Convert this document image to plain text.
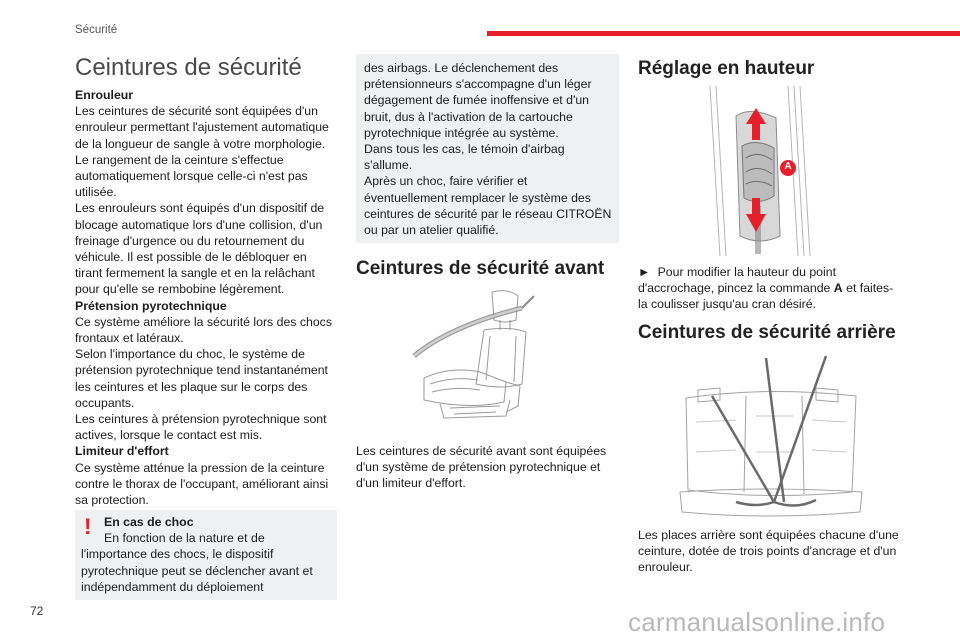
Sécurité
Ceintures de sécurité
Enrouleur
Les ceintures de sécurité sont équipées d'un enrouleur permettant l'ajustement automatique de la longueur de sangle à votre morphologie.
Le rangement de la ceinture s'effectue automatiquement lorsque celle-ci n'est pas utilisée.
Les enrouleurs sont équipés d'un dispositif de blocage automatique lors d'une collision, d'un freinage d'urgence ou du retournement du véhicule. Il est possible de le débloquer en tirant fermement la sangle et en la relâchant pour qu'elle se rembobine légèrement.
Prétension pyrotechnique
Ce système améliore la sécurité lors des chocs frontaux et latéraux.
Selon l'importance du choc, le système de prétension pyrotechnique tend instantanément les ceintures et les plaque sur le corps des occupants.
Les ceintures à prétension pyrotechnique sont actives, lorsque le contact est mis.
Limiteur d'effort
Ce système atténue la pression de la ceinture contre le thorax de l'occupant, améliorant ainsi sa protection.
!	En cas de choc
En fonction de la nature et de l'importance des chocs, le dispositif pyrotechnique peut se déclencher avant et indépendamment du déploiement
des airbags. Le déclenchement des prétensionneurs s'accompagne d'un léger dégagement de fumée inoffensive et d'un bruit, dus à l'activation de la cartouche pyrotechnique intégrée au système.
Dans tous les cas, le témoin d'airbag s'allume.
Après un choc, faire vérifier et éventuellement remplacer le système des ceintures de sécurité par le réseau CITROËN ou par un atelier qualifié.
Ceintures de sécurité avant
Les ceintures de sécurité avant sont équipées d'un système de prétension pyrotechnique et d'un limiteur d'effort.
Réglage en hauteur
A
► Pour modifier la hauteur du point d'accrochage, pincez la commande A et faites-la coulisser jusqu'au cran désiré.
Ceintures de sécurité arrière
Les places arrière sont équipées chacune d'une ceinture, dotée de trois points d'ancrage et d'un enrouleur.
72	carmanualsonline.info
